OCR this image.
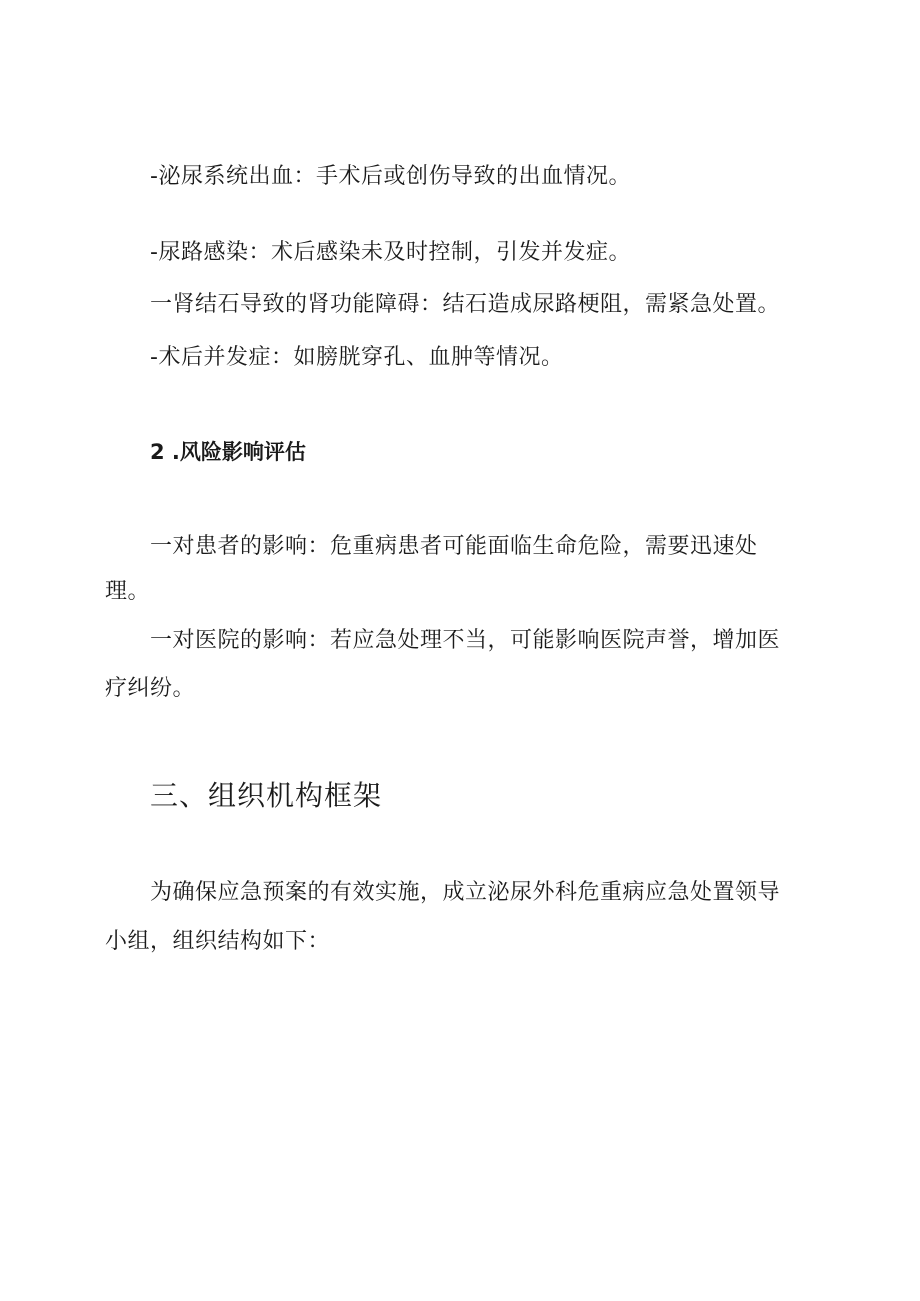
-泌尿系统出血：手术后或创伤导致的出血情况。
-尿路感染：术后感染未及时控制，引发并发症。
一肾结石导致的肾功能障碍：结石造成尿路梗阻，需紧急处置。
-术后并发症：如膀胱穿孔、血肿等情况。
2 .风险影响评估
一对患者的影响：危重病患者可能面临生命危险，需要迅速处
理。
一对医院的影响：若应急处理不当，可能影响医院声誉，增加医
疗纠纷。
三、组织机构框架
为确保应急预案的有效实施，成立泌尿外科危重病应急处置领导
小组，组织结构如下：
